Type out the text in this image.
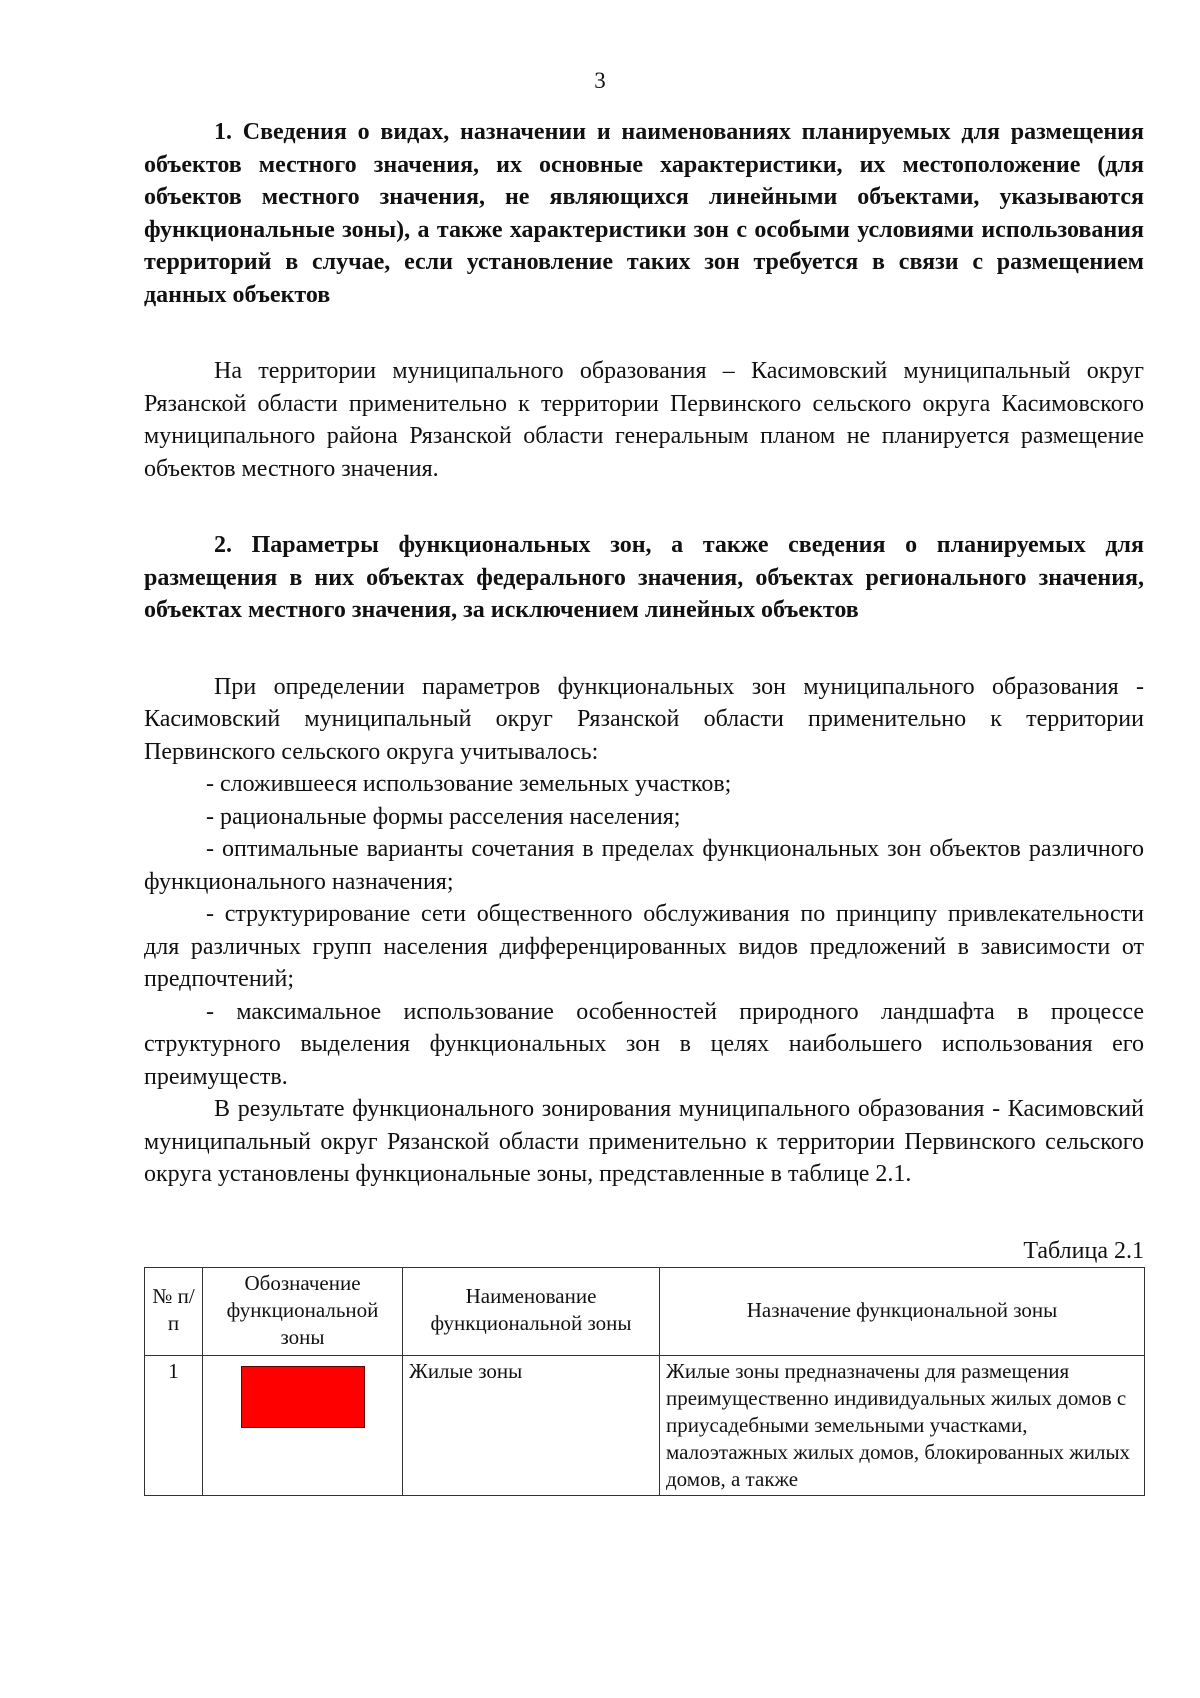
3

1. Сведения о видах, назначении и наименованиях планируемых для размещения объектов местного значения, их основные характеристики, их местоположение (для объектов местного значения, не являющихся линейными объектами, указываются функциональные зоны), а также характеристики зон с особыми условиями использования территорий в случае, если установление таких зон требуется в связи с размещением данных объектов

На территории муниципального образования – Касимовский муниципальный округ Рязанской области применительно к территории Первинского сельского округа Касимовского муниципального района Рязанской области генеральным планом не планируется размещение объектов местного значения.

2. Параметры функциональных зон, а также сведения о планируемых для размещения в них объектах федерального значения, объектах регионального значения, объектах местного значения, за исключением линейных объектов

При определении параметров функциональных зон муниципального образования - Касимовский муниципальный округ Рязанской области применительно к территории Первинского сельского округа учитывалось:

- сложившееся использование земельных участков;

- рациональные формы расселения населения;

- оптимальные варианты сочетания в пределах функциональных зон объектов различного функционального назначения;

- структурирование сети общественного обслуживания по принципу привлекательности для различных групп населения дифференцированных видов предложений в зависимости от предпочтений;

- максимальное использование особенностей природного ландшафта в процессе структурного выделения функциональных зон в целях наибольшего использования его преимуществ.

В результате функционального зонирования муниципального образования - Касимовский муниципальный округ Рязанской области применительно к территории Первинского сельского округа установлены функциональные зоны, представленные в таблице 2.1.

Таблица 2.1

№ п/п	Обозначение функциональной зоны	Наименование функциональной зоны	Назначение функциональной зоны
1		Жилые зоны	Жилые зоны предназначены для размещения преимущественно индивидуальных жилых домов с приусадебными земельными участками, малоэтажных жилых домов, блокированных жилых домов, а также
